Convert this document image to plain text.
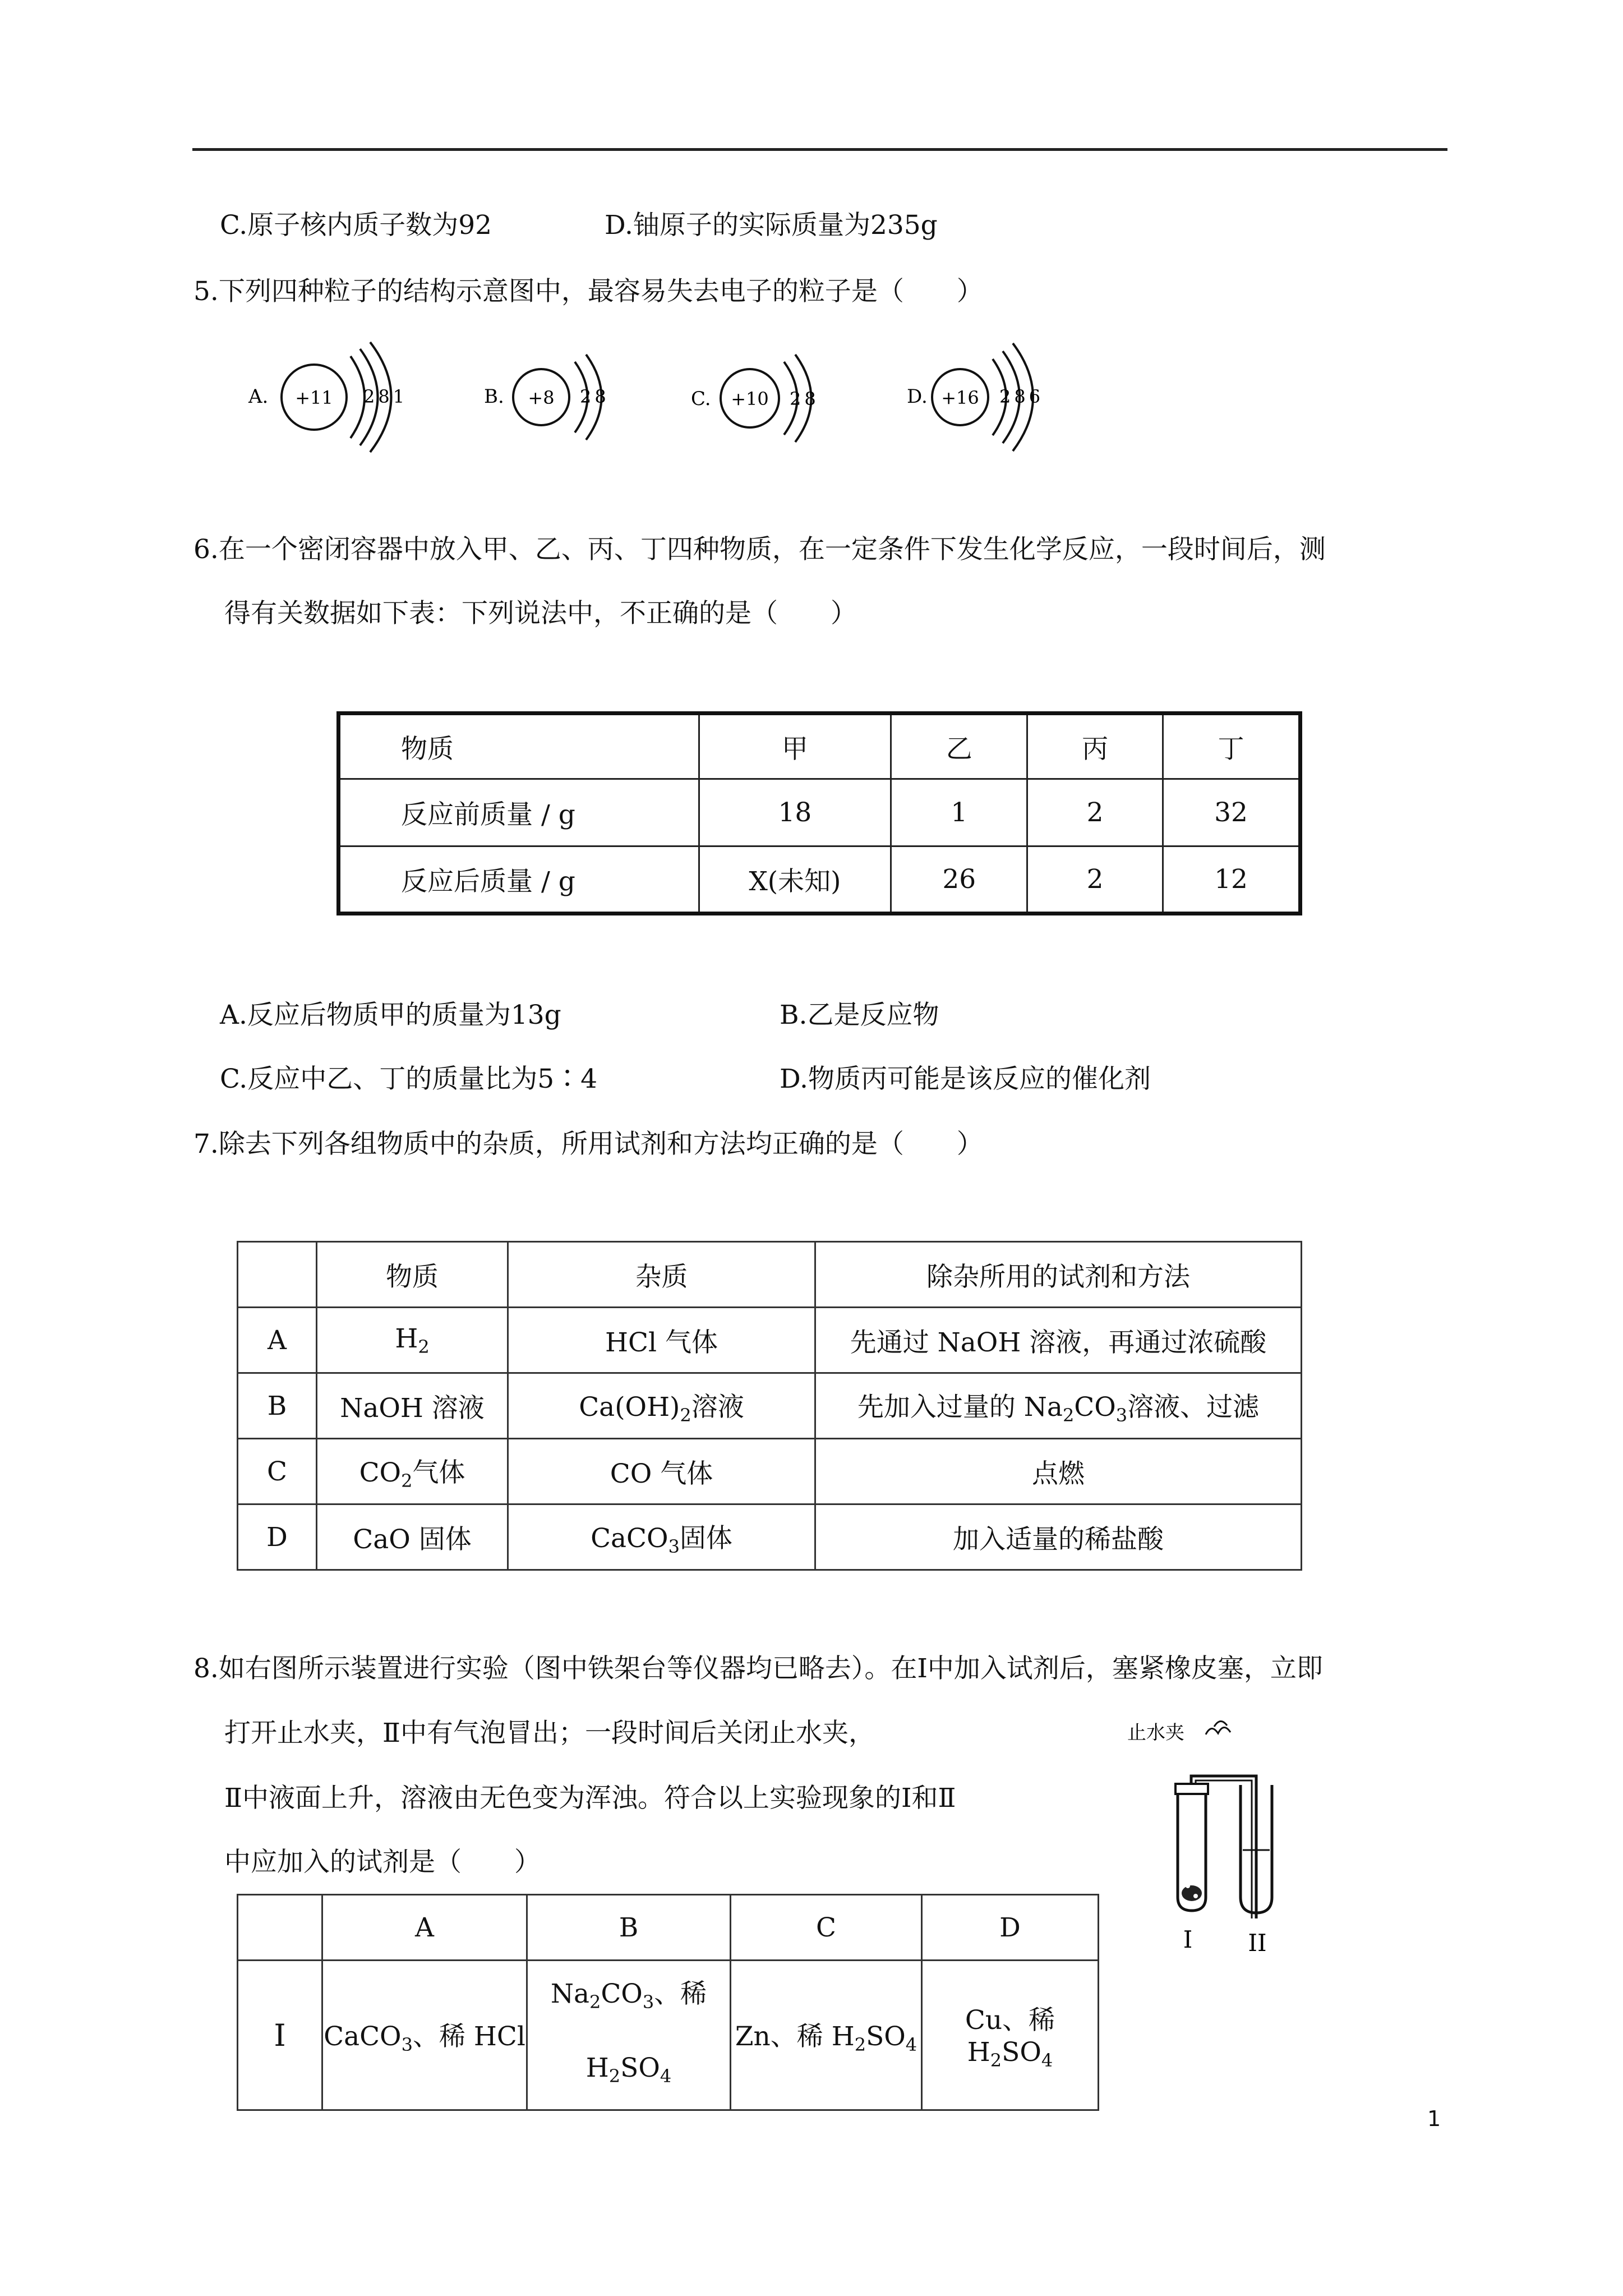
C.原子核内质子数为92	D.铀原子的实际质量为235g
5.下列四种粒子的结构示意图中，最容易失去电子的粒子是（　　）
A. +11 281	B. +8 28	C. +10 28	D. +16 286
6.在一个密闭容器中放入甲、乙、丙、丁四种物质，在一定条件下发生化学反应，一段时间后，测
得有关数据如下表：下列说法中，不正确的是（　　）
物质	甲	乙	丙	丁
反应前质量 / g	18	1	2	32
反应后质量 / g	X(未知)	26	2	12
A.反应后物质甲的质量为13g	B.乙是反应物
C.反应中乙、丁的质量比为5∶4	D.物质丙可能是该反应的催化剂
7.除去下列各组物质中的杂质，所用试剂和方法均正确的是（　　）
	物质	杂质	除杂所用的试剂和方法
A	$H_2$	HCl 气体	先通过 NaOH 溶液，再通过浓硫酸
B	NaOH 溶液	$Ca(OH)_2$溶液	先加入过量的 $Na_2CO_3$溶液、过滤
C	$CO_2$气体	CO 气体	点燃
D	CaO 固体	CaCO$_3$固体	加入适量的稀盐酸
8.如右图所示装置进行实验（图中铁架台等仪器均已略去）。在Ⅰ中加入试剂后，塞紧橡皮塞，立即
打开止水夹，Ⅱ中有气泡冒出；一段时间后关闭止水夹，
Ⅱ中液面上升，溶液由无色变为浑浊。符合以上实验现象的Ⅰ和Ⅱ
中应加入的试剂是（　　）
止水夹
I II
	A	B	C	D
Ⅰ	CaCO$_3$、稀 HCl	$Na_2CO_3$、稀
$H_2SO_4$	Zn、稀 $H_2SO_4$	Cu、稀 $H_2SO_4$
1
